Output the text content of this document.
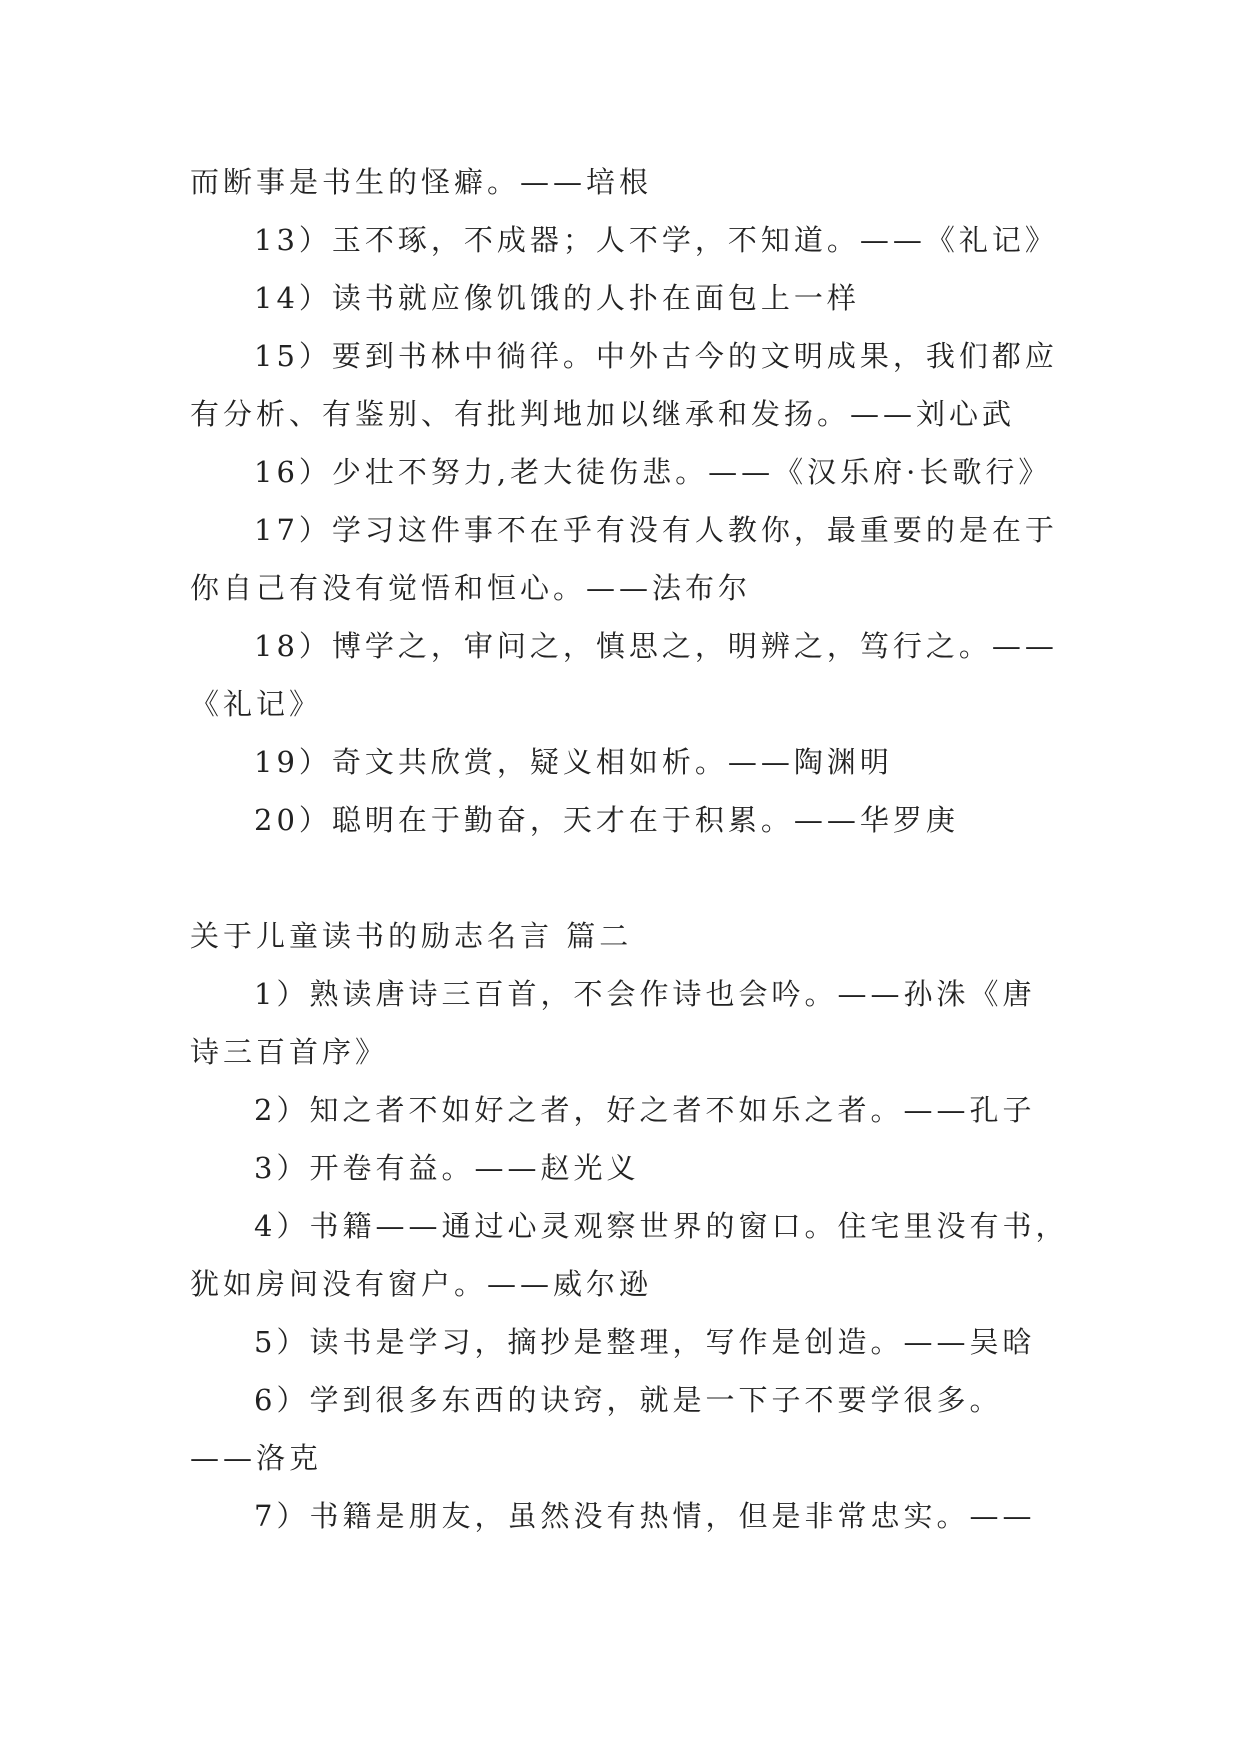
而断事是书生的怪癖。——培根
13）玉不琢，不成器；人不学，不知道。——《礼记》
14）读书就应像饥饿的人扑在面包上一样
15）要到书林中徜徉。中外古今的文明成果，我们都应
有分析、有鉴别、有批判地加以继承和发扬。——刘心武
16）少壮不努力,老大徒伤悲。——《汉乐府·长歌行》
17）学习这件事不在乎有没有人教你，最重要的是在于
你自己有没有觉悟和恒心。——法布尔
18）博学之，审问之，慎思之，明辨之，笃行之。——
《礼记》
19）奇文共欣赏，疑义相如析。——陶渊明
20）聪明在于勤奋，天才在于积累。——华罗庚
关于儿童读书的励志名言 篇二
1）熟读唐诗三百首，不会作诗也会吟。——孙洙《唐
诗三百首序》
2）知之者不如好之者，好之者不如乐之者。——孔子
3）开卷有益。——赵光义
4）书籍——通过心灵观察世界的窗口。住宅里没有书，
犹如房间没有窗户。——威尔逊
5）读书是学习，摘抄是整理，写作是创造。——吴晗
6）学到很多东西的诀窍，就是一下子不要学很多。
——洛克
7）书籍是朋友，虽然没有热情，但是非常忠实。——
